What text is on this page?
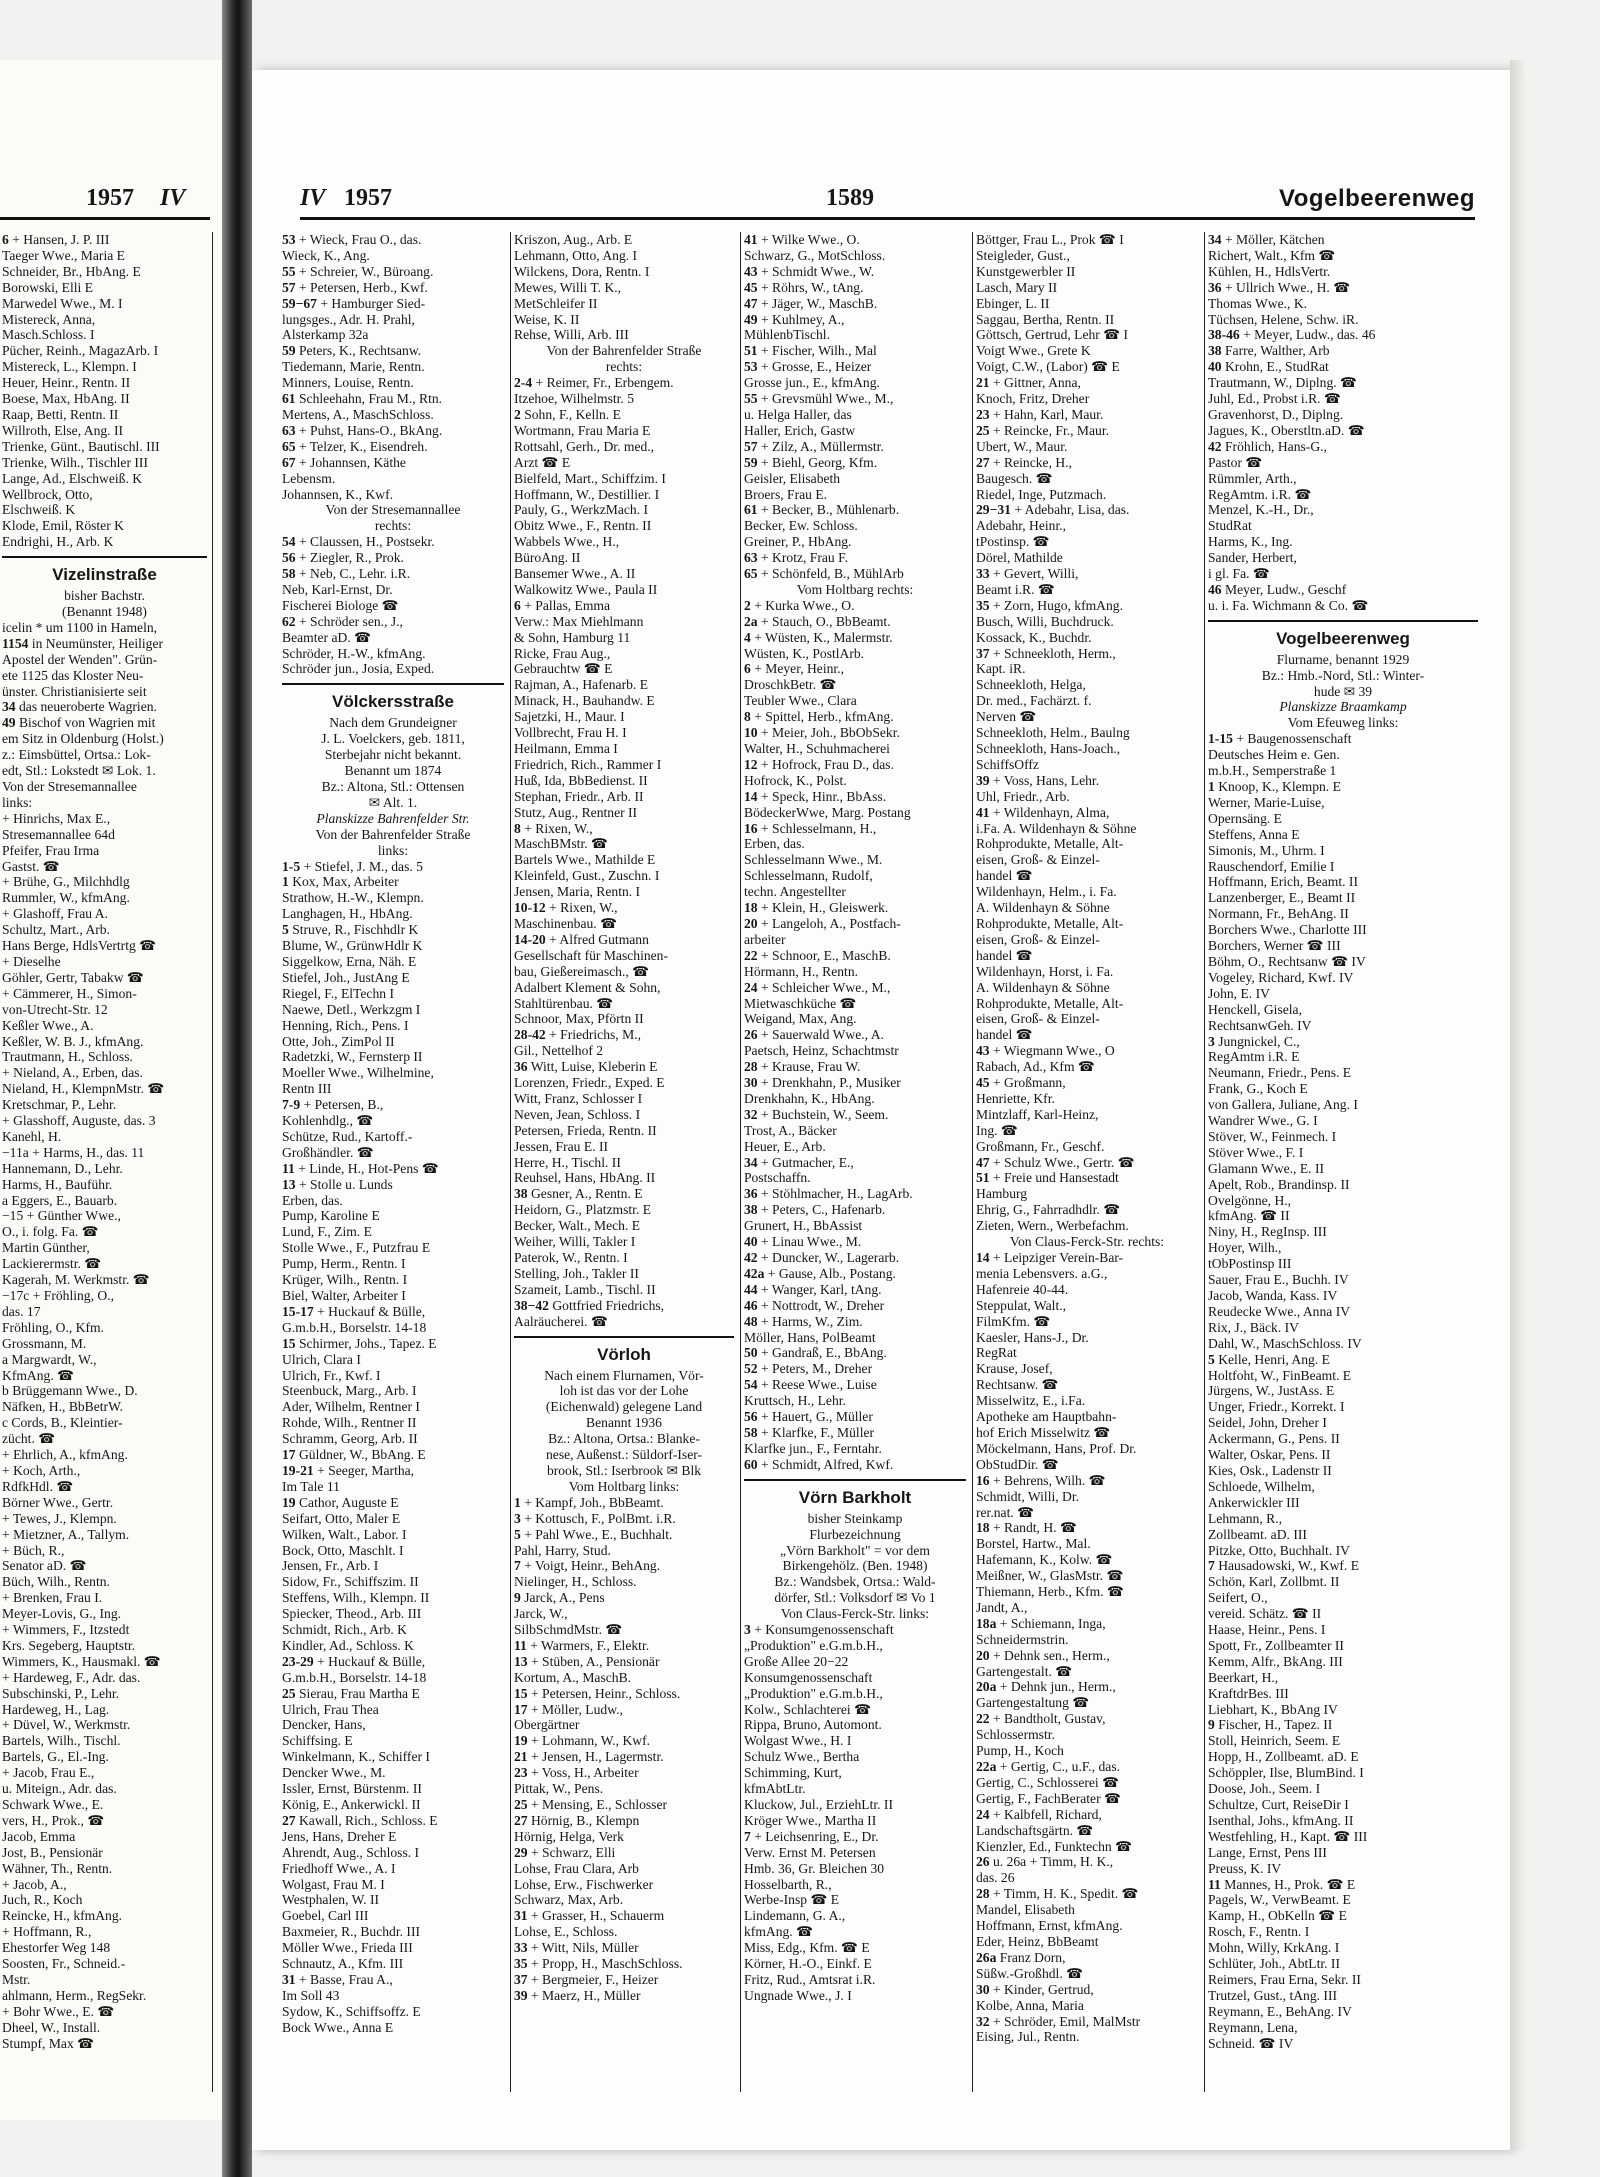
1957 IV	IV 1957	1589	Vogelbeerenweg
6 + Hansen, J. P. III
Taeger Wwe., Maria E
Schneider, Br., HbAng. E
Borowski, Elli E
Marwedel Wwe., M. I
Mistereck, Anna,
Masch.Schloss. I
Pücher, Reinh., MagazArb. I
Mistereck, L., Klempn. I
Heuer, Heinr., Rentn. II
Boese, Max, HbAng. II
Raap, Betti, Rentn. II
Willroth, Else, Ang. II
Trienke, Günt., Bautischl. III
Trienke, Wilh., Tischler III
Lange, Ad., Elschweiß. K
Wellbrock, Otto,
Elschweiß. K
Klode, Emil, Röster K
Endrighi, H., Arb. K
Vizelinstraße
bisher Bachstr.
(Benannt 1948)
icelin * um 1100 in Hameln,
1154 in Neumünster, Heiliger
Apostel der Wenden". Grün-
ete 1125 das Kloster Neu-
ünster. Christianisierte seit
34 das neueroberte Wagrien.
49 Bischof von Wagrien mit
em Sitz in Oldenburg (Holst.)
z.: Eimsbüttel, Ortsa.: Lok-
edt, Stl.: Lokstedt ✉ Lok. 1.
Von der Stresemannallee
links:
+ Hinrichs, Max E.,
Stresemannallee 64d
Pfeifer, Frau Irma
Gastst. ☎
+ Brühe, G., Milchhdlg
Rummler, W., kfmAng.
+ Glashoff, Frau A.
Schultz, Mart., Arb.
Hans Berge, HdlsVertrtg ☎
+ Dieselhe
Göhler, Gertr, Tabakw ☎
+ Cämmerer, H., Simon-
von-Utrecht-Str. 12
Keßler Wwe., A.
Keßler, W. B. J., kfmAng.
Trautmann, H., Schloss.
+ Nieland, A., Erben, das.
Nieland, H., KlempnMstr. ☎
Kretschmar, P., Lehr.
+ Glasshoff, Auguste, das. 3
Kanehl, H.
−11a + Harms, H., das. 11
Hannemann, D., Lehr.
Harms, H., Bauführ.
a Eggers, E., Bauarb.
−15 + Günther Wwe.,
O., i. folg. Fa. ☎
Martin Günther,
Lackierermstr. ☎
Kagerah, M. Werkmstr. ☎
−17c + Fröhling, O.,
das. 17
Fröhling, O., Kfm.
Grossmann, M.
a Margwardt, W.,
KfmAng. ☎
b Brüggemann Wwe., D.
Näfken, H., BbBetrW.
c Cords, B., Kleintier-
zücht. ☎
+ Ehrlich, A., kfmAng.
+ Koch, Arth.,
RdfkHdl. ☎
Börner Wwe., Gertr.
+ Tewes, J., Klempn.
+ Mietzner, A., Tallym.
+ Büch, R.,
Senator aD. ☎
Büch, Wilh., Rentn.
+ Brenken, Frau I.
Meyer-Lovis, G., Ing.
+ Wimmers, F., Itzstedt
Krs. Segeberg, Hauptstr.
Wimmers, K., Hausmakl. ☎
+ Hardeweg, F., Adr. das.
Subschinski, P., Lehr.
Hardeweg, H., Lag.
+ Düvel, W., Werkmstr.
Bartels, Wilh., Tischl.
Bartels, G., El.-Ing.
+ Jacob, Frau E.,
u. Miteign., Adr. das.
Schwark Wwe., E.
vers, H., Prok., ☎
Jacob, Emma
Jost, B., Pensionär
Wähner, Th., Rentn.
+ Jacob, A.,
Juch, R., Koch
Reincke, H., kfmAng.
+ Hoffmann, R.,
Ehestorfer Weg 148
Soosten, Fr., Schneid.-
Mstr.
ahlmann, Herm., RegSekr.
+ Bohr Wwe., E. ☎
Dheel, W., Install.
Stumpf, Max ☎
53 + Wieck, Frau O., das.
Wieck, K., Ang.
55 + Schreier, W., Büroang.
57 + Petersen, Herb., Kwf.
59−67 + Hamburger Sied-
lungsges., Adr. H. Prahl,
Alsterkamp 32a
59 Peters, K., Rechtsanw.
Tiedemann, Marie, Rentn.
Minners, Louise, Rentn.
61 Schleehahn, Frau M., Rtn.
Mertens, A., MaschSchloss.
63 + Puhst, Hans-O., BkAng.
65 + Telzer, K., Eisendreh.
67 + Johannsen, Käthe
Lebensm.
Johannsen, K., Kwf.
Von der Stresemannallee
rechts:
54 + Claussen, H., Postsekr.
56 + Ziegler, R., Prok.
58 + Neb, C., Lehr. i.R.
Neb, Karl-Ernst, Dr.
Fischerei Biologe ☎
62 + Schröder sen., J.,
Beamter aD. ☎
Schröder, H.-W., kfmAng.
Schröder jun., Josia, Exped.
Völckersstraße
Nach dem Grundeigner
J. L. Voelckers, geb. 1811,
Sterbejahr nicht bekannt.
Benannt um 1874
Bz.: Altona, Stl.: Ottensen
✉ Alt. 1.
Planskizze Bahrenfelder Str.
Von der Bahrenfelder Straße
links:
1-5 + Stiefel, J. M., das. 5
1 Kox, Max, Arbeiter
Strathow, H.-W., Klempn.
Langhagen, H., HbAng.
5 Struve, R., Fischhdlr K
Blume, W., GrünwHdlr K
Siggelkow, Erna, Näh. E
Stiefel, Joh., JustAng E
Riegel, F., ElTechn I
Naewe, Detl., Werkzgm I
Henning, Rich., Pens. I
Otte, Joh., ZimPol II
Radetzki, W., Fernsterp II
Moeller Wwe., Wilhelmine,
Rentn III
7-9 + Petersen, B.,
Kohlenhdlg., ☎
Schütze, Rud., Kartoff.-
Großhändler. ☎
11 + Linde, H., Hot-Pens ☎
13 + Stolle u. Lunds
Erben, das.
Pump, Karoline E
Lund, F., Zim. E
Stolle Wwe., F., Putzfrau E
Pump, Herm., Rentn. I
Krüger, Wilh., Rentn. I
Biel, Walter, Arbeiter I
15-17 + Huckauf & Bülle,
G.m.b.H., Borselstr. 14-18
15 Schirmer, Johs., Tapez. E
Ulrich, Clara I
Ulrich, Fr., Kwf. I
Steenbuck, Marg., Arb. I
Ader, Wilhelm, Rentner I
Rohde, Wilh., Rentner II
Schramm, Georg, Arb. II
17 Güldner, W., BbAng. E
19-21 + Seeger, Martha,
Im Tale 11
19 Cathor, Auguste E
Seifart, Otto, Maler E
Wilken, Walt., Labor. I
Bock, Otto, Maschlt. I
Jensen, Fr., Arb. I
Sidow, Fr., Schiffszim. II
Steffens, Wilh., Klempn. II
Spiecker, Theod., Arb. III
Schmidt, Rich., Arb. K
Kindler, Ad., Schloss. K
23-29 + Huckauf & Bülle,
G.m.b.H., Borselstr. 14-18
25 Sierau, Frau Martha E
Ulrich, Frau Thea
Dencker, Hans,
Schiffsing. E
Winkelmann, K., Schiffer I
Dencker Wwe., M.
Issler, Ernst, Bürstenm. II
König, E., Ankerwickl. II
27 Kawall, Rich., Schloss. E
Jens, Hans, Dreher E
Ahrendt, Aug., Schloss. I
Friedhoff Wwe., A. I
Wolgast, Frau M. I
Westphalen, W. II
Goebel, Carl III
Baxmeier, R., Buchdr. III
Möller Wwe., Frieda III
Schnautz, A., Kfm. III
31 + Basse, Frau A.,
Im Soll 43
Sydow, K., Schiffsoffz. E
Bock Wwe., Anna E
Kriszon, Aug., Arb. E
Lehmann, Otto, Ang. I
Wilckens, Dora, Rentn. I
Mewes, Willi T. K.,
MetSchleifer II
Weise, K. II
Rehse, Willi, Arb. III
Von der Bahrenfelder Straße
rechts:
2-4 + Reimer, Fr., Erbengem.
Itzehoe, Wilhelmstr. 5
2 Sohn, F., Kelln. E
Wortmann, Frau Maria E
Rottsahl, Gerh., Dr. med.,
Arzt ☎ E
Bielfeld, Mart., Schiffzim. I
Hoffmann, W., Destillier. I
Pauly, G., WerkzMach. I
Obitz Wwe., F., Rentn. II
Wabbels Wwe., H.,
BüroAng. II
Bansemer Wwe., A. II
Walkowitz Wwe., Paula II
6 + Pallas, Emma
Verw.: Max Miehlmann
& Sohn, Hamburg 11
Ricke, Frau Aug.,
Gebrauchtw ☎ E
Rajman, A., Hafenarb. E
Minack, H., Bauhandw. E
Sajetzki, H., Maur. I
Vollbrecht, Frau H. I
Heilmann, Emma I
Friedrich, Rich., Rammer I
Huß, Ida, BbBedienst. II
Stephan, Friedr., Arb. II
Stutz, Aug., Rentner II
8 + Rixen, W.,
MaschBMstr. ☎
Bartels Wwe., Mathilde E
Kleinfeld, Gust., Zuschn. I
Jensen, Maria, Rentn. I
10-12 + Rixen, W.,
Maschinenbau. ☎
14-20 + Alfred Gutmann
Gesellschaft für Maschinen-
bau, Gießereimasch., ☎
Adalbert Klement & Sohn,
Stahltürenbau. ☎
Schnoor, Max, Pförtn II
28-42 + Friedrichs, M.,
Gil., Nettelhof 2
36 Witt, Luise, Kleberin E
Lorenzen, Friedr., Exped. E
Witt, Franz, Schlosser I
Neven, Jean, Schloss. I
Petersen, Frieda, Rentn. II
Jessen, Frau E. II
Herre, H., Tischl. II
Reuhsel, Hans, HbAng. II
38 Gesner, A., Rentn. E
Heidorn, G., Platzmstr. E
Becker, Walt., Mech. E
Weiher, Willi, Takler I
Paterok, W., Rentn. I
Stelling, Joh., Takler II
Szameit, Lamb., Tischl. II
38−42 Gottfried Friedrichs,
Aalräucherei. ☎
Vörloh
Nach einem Flurnamen, Vör-
loh ist das vor der Lohe
(Eichenwald) gelegene Land
Benannt 1936
Bz.: Altona, Ortsa.: Blanke-
nese, Außenst.: Süldorf-Iser-
brook, Stl.: Iserbrook ✉ Blk
Vom Holtbarg links:
1 + Kampf, Joh., BbBeamt.
3 + Kottusch, F., PolBmt. i.R.
5 + Pahl Wwe., E., Buchhalt.
Pahl, Harry, Stud.
7 + Voigt, Heinr., BehAng.
Nielinger, H., Schloss.
9 Jarck, A., Pens
Jarck, W.,
SilbSchmdMstr. ☎
11 + Warmers, F., Elektr.
13 + Stüben, A., Pensionär
Kortum, A., MaschB.
15 + Petersen, Heinr., Schloss.
17 + Möller, Ludw.,
Obergärtner
19 + Lohmann, W., Kwf.
21 + Jensen, H., Lagermstr.
23 + Voss, H., Arbeiter
Pittak, W., Pens.
25 + Mensing, E., Schlosser
27 Hörnig, B., Klempn
Hörnig, Helga, Verk
29 + Schwarz, Elli
Lohse, Frau Clara, Arb
Lohse, Erw., Fischwerker
Schwarz, Max, Arb.
31 + Grasser, H., Schauerm
Lohse, E., Schloss.
33 + Witt, Nils, Müller
35 + Propp, H., MaschSchloss.
37 + Bergmeier, F., Heizer
39 + Maerz, H., Müller
41 + Wilke Wwe., O.
Schwarz, G., MotSchloss.
43 + Schmidt Wwe., W.
45 + Röhrs, W., tAng.
47 + Jäger, W., MaschB.
49 + Kuhlmey, A.,
MühlenbTischl.
51 + Fischer, Wilh., Mal
53 + Grosse, E., Heizer
Grosse jun., E., kfmAng.
55 + Grevsmühl Wwe., M.,
u. Helga Haller, das
Haller, Erich, Gastw
57 + Zilz, A., Müllermstr.
59 + Biehl, Georg, Kfm.
Geisler, Elisabeth
Broers, Frau E.
61 + Becker, B., Mühlenarb.
Becker, Ew. Schloss.
Greiner, P., HbAng.
63 + Krotz, Frau F.
65 + Schönfeld, B., MühlArb
Vom Holtbarg rechts:
2 + Kurka Wwe., O.
2a + Stauch, O., BbBeamt.
4 + Wüsten, K., Malermstr.
Wüsten, K., PostlArb.
6 + Meyer, Heinr.,
DroschkBetr. ☎
Teubler Wwe., Clara
8 + Spittel, Herb., kfmAng.
10 + Meier, Joh., BbObSekr.
Walter, H., Schuhmacherei
12 + Hofrock, Frau D., das.
Hofrock, K., Polst.
14 + Speck, Hinr., BbAss.
BödeckerWwe, Marg. Postang
16 + Schlesselmann, H.,
Erben, das.
Schlesselmann Wwe., M.
Schlesselmann, Rudolf,
techn. Angestellter
18 + Klein, H., Gleiswerk.
20 + Langeloh, A., Postfach-
arbeiter
22 + Schnoor, E., MaschB.
Hörmann, H., Rentn.
24 + Schleicher Wwe., M.,
Mietwaschküche ☎
Weigand, Max, Ang.
26 + Sauerwald Wwe., A.
Paetsch, Heinz, Schachtmstr
28 + Krause, Frau W.
30 + Drenkhahn, P., Musiker
Drenkhahn, K., HbAng.
32 + Buchstein, W., Seem.
Trost, A., Bäcker
Heuer, E., Arb.
34 + Gutmacher, E.,
Postschaffn.
36 + Stöhlmacher, H., LagArb.
38 + Peters, C., Hafenarb.
Grunert, H., BbAssist
40 + Linau Wwe., M.
42 + Duncker, W., Lagerarb.
42a + Gause, Alb., Postang.
44 + Wanger, Karl, tAng.
46 + Nottrodt, W., Dreher
48 + Harms, W., Zim.
Möller, Hans, PolBeamt
50 + Gandraß, E., BbAng.
52 + Peters, M., Dreher
54 + Reese Wwe., Luise
Kruttsch, H., Lehr.
56 + Hauert, G., Müller
58 + Klarfke, F., Müller
Klarfke jun., F., Ferntahr.
60 + Schmidt, Alfred, Kwf.
Vörn Barkholt
bisher Steinkamp
Flurbezeichnung
„Vörn Barkholt" = vor dem
Birkengehölz. (Ben. 1948)
Bz.: Wandsbek, Ortsa.: Wald-
dörfer, Stl.: Volksdorf ✉ Vo 1
Von Claus-Ferck-Str. links:
3 + Konsumgenossenschaft
„Produktion" e.G.m.b.H.,
Große Allee 20−22
Konsumgenossenschaft
„Produktion" e.G.m.b.H.,
Kolw., Schlachterei ☎
Rippa, Bruno, Automont.
Wolgast Wwe., H. I
Schulz Wwe., Bertha
Schimming, Kurt,
kfmAbtLtr.
Kluckow, Jul., ErziehLtr. II
Kröger Wwe., Martha II
7 + Leichsenring, E., Dr.
Verw. Ernst M. Petersen
Hmb. 36, Gr. Bleichen 30
Hosselbarth, R.,
Werbe-Insp ☎ E
Lindemann, G. A.,
kfmAng. ☎
Miss, Edg., Kfm. ☎ E
Körner, H.-O., Einkf. E
Fritz, Rud., Amtsrat i.R.
Ungnade Wwe., J. I
Böttger, Frau L., Prok ☎ I
Steigleder, Gust.,
Kunstgewerbler II
Lasch, Mary II
Ebinger, L. II
Saggau, Bertha, Rentn. II
Göttsch, Gertrud, Lehr ☎ I
Voigt Wwe., Grete K
Voigt, C.W., (Labor) ☎ E
21 + Gittner, Anna,
Knoch, Fritz, Dreher
23 + Hahn, Karl, Maur.
25 + Reincke, Fr., Maur.
Ubert, W., Maur.
27 + Reincke, H.,
Baugesch. ☎
Riedel, Inge, Putzmach.
29−31 + Adebahr, Lisa, das.
Adebahr, Heinr.,
tPostinsp. ☎
Dörel, Mathilde
33 + Gevert, Willi,
Beamt i.R. ☎
35 + Zorn, Hugo, kfmAng.
Busch, Willi, Buchdruck.
Kossack, K., Buchdr.
37 + Schneekloth, Herm.,
Kapt. iR.
Schneekloth, Helga,
Dr. med., Fachärzt. f.
Nerven ☎
Schneekloth, Helm., Baulng
Schneekloth, Hans-Joach.,
SchiffsOffz
39 + Voss, Hans, Lehr.
Uhl, Friedr., Arb.
41 + Wildenhayn, Alma,
i.Fa. A. Wildenhayn & Söhne
Rohprodukte, Metalle, Alt-
eisen, Groß- & Einzel-
handel ☎
Wildenhayn, Helm., i. Fa.
A. Wildenhayn & Söhne
Rohprodukte, Metalle, Alt-
eisen, Groß- & Einzel-
handel ☎
Wildenhayn, Horst, i. Fa.
A. Wildenhayn & Söhne
Rohprodukte, Metalle, Alt-
eisen, Groß- & Einzel-
handel ☎
43 + Wiegmann Wwe., O
Rabach, Ad., Kfm ☎
45 + Großmann,
Henriette, Kfr.
Mintzlaff, Karl-Heinz,
Ing. ☎
Großmann, Fr., Geschf.
47 + Schulz Wwe., Gertr. ☎
51 + Freie und Hansestadt
Hamburg
Ehrig, G., Fahrradhdlr. ☎
Zieten, Wern., Werbefachm.
Von Claus-Ferck-Str. rechts:
14 + Leipziger Verein-Bar-
menia Lebensvers. a.G.,
Hafenreie 40-44.
Steppulat, Walt.,
FilmKfm. ☎
Kaesler, Hans-J., Dr.
RegRat
Krause, Josef,
Rechtsanw. ☎
Misselwitz, E., i.Fa.
Apotheke am Hauptbahn-
hof Erich Misselwitz ☎
Möckelmann, Hans, Prof. Dr.
ObStudDir. ☎
16 + Behrens, Wilh. ☎
Schmidt, Willi, Dr.
rer.nat. ☎
18 + Randt, H. ☎
Borstel, Hartw., Mal.
Hafemann, K., Kolw. ☎
Meißner, W., GlasMstr. ☎
Thiemann, Herb., Kfm. ☎
Jandt, A.,
18a + Schiemann, Inga,
Schneidermstrin.
20 + Dehnk sen., Herm.,
Gartengestalt. ☎
20a + Dehnk jun., Herm.,
Gartengestaltung ☎
22 + Bandtholt, Gustav,
Schlossermstr.
Pump, H., Koch
22a + Gertig, C., u.F., das.
Gertig, C., Schlosserei ☎
Gertig, F., FachBerater ☎
24 + Kalbfell, Richard,
Landschaftsgärtn. ☎
Kienzler, Ed., Funktechn ☎
26 u. 26a + Timm, H. K.,
das. 26
28 + Timm, H. K., Spedit. ☎
Mandel, Elisabeth
Hoffmann, Ernst, kfmAng.
Eder, Heinz, BbBeamt
26a Franz Dorn,
Süßw.-Großhdl. ☎
30 + Kinder, Gertrud,
Kolbe, Anna, Maria
32 + Schröder, Emil, MalMstr
Eising, Jul., Rentn.
34 + Möller, Kätchen
Richert, Walt., Kfm ☎
Kühlen, H., HdlsVertr.
36 + Ullrich Wwe., H. ☎
Thomas Wwe., K.
Tüchsen, Helene, Schw. iR.
38-46 + Meyer, Ludw., das. 46
38 Farre, Walther, Arb
40 Krohn, E., StudRat
Trautmann, W., Diplng. ☎
Juhl, Ed., Probst i.R. ☎
Gravenhorst, D., Diplng.
Jagues, K., Oberstltn.aD. ☎
42 Fröhlich, Hans-G.,
Pastor ☎
Rümmler, Arth.,
RegAmtm. i.R. ☎
Menzel, K.-H., Dr.,
StudRat
Harms, K., Ing.
Sander, Herbert,
i gl. Fa. ☎
46 Meyer, Ludw., Geschf
u. i. Fa. Wichmann & Co. ☎
Vogelbeerenweg
Flurname, benannt 1929
Bz.: Hmb.-Nord, Stl.: Winter-
hude ✉ 39
Planskizze Braamkamp
Vom Efeuweg links:
1-15 + Baugenossenschaft
Deutsches Heim e. Gen.
m.b.H., Semperstraße 1
1 Knoop, K., Klempn. E
Werner, Marie-Luise,
Opernsäng. E
Steffens, Anna E
Simonis, M., Uhrm. I
Rauschendorf, Emilie I
Hoffmann, Erich, Beamt. II
Lanzenberger, E., Beamt II
Normann, Fr., BehAng. II
Borchers Wwe., Charlotte III
Borchers, Werner ☎ III
Böhm, O., Rechtsanw ☎ IV
Vogeley, Richard, Kwf. IV
John, E. IV
Henckell, Gisela,
RechtsanwGeh. IV
3 Jungnickel, C.,
RegAmtm i.R. E
Neumann, Friedr., Pens. E
Frank, G., Koch E
von Gallera, Juliane, Ang. I
Wandrer Wwe., G. I
Stöver, W., Feinmech. I
Stöver Wwe., F. I
Glamann Wwe., E. II
Apelt, Rob., Brandinsp. II
Ovelgönne, H.,
kfmAng. ☎ II
Niny, H., RegInsp. III
Hoyer, Wilh.,
tObPostinsp III
Sauer, Frau E., Buchh. IV
Jacob, Wanda, Kass. IV
Reudecke Wwe., Anna IV
Rix, J., Bäck. IV
Dahl, W., MaschSchloss. IV
5 Kelle, Henri, Ang. E
Holtfoht, W., FinBeamt. E
Jürgens, W., JustAss. E
Unger, Friedr., Korrekt. I
Seidel, John, Dreher I
Ackermann, G., Pens. II
Walter, Oskar, Pens. II
Kies, Osk., Ladenstr II
Schloede, Wilhelm,
Ankerwickler III
Lehmann, R.,
Zollbeamt. aD. III
Pitzke, Otto, Buchhalt. IV
7 Hausadowski, W., Kwf. E
Schön, Karl, Zollbmt. II
Seifert, O.,
vereid. Schätz. ☎ II
Haase, Heinr., Pens. I
Spott, Fr., Zollbeamter II
Kemm, Alfr., BkAng. III
Beerkart, H.,
KraftdrBes. III
Liebhart, K., BbAng IV
9 Fischer, H., Tapez. II
Stoll, Heinrich, Seem. E
Hopp, H., Zollbeamt. aD. E
Schöppler, Ilse, BlumBind. I
Doose, Joh., Seem. I
Schultze, Curt, ReiseDir I
Isenthal, Johs., kfmAng. II
Westfehling, H., Kapt. ☎ III
Lange, Ernst, Pens III
Preuss, K. IV
11 Mannes, H., Prok. ☎ E
Pagels, W., VerwBeamt. E
Kamp, H., ObKelln ☎ E
Rosch, F., Rentn. I
Mohn, Willy, KrkAng. I
Schlüter, Joh., AbtLtr. II
Reimers, Frau Erna, Sekr. II
Trutzel, Gust., tAng. III
Reymann, E., BehAng. IV
Reymann, Lena,
Schneid. ☎ IV
